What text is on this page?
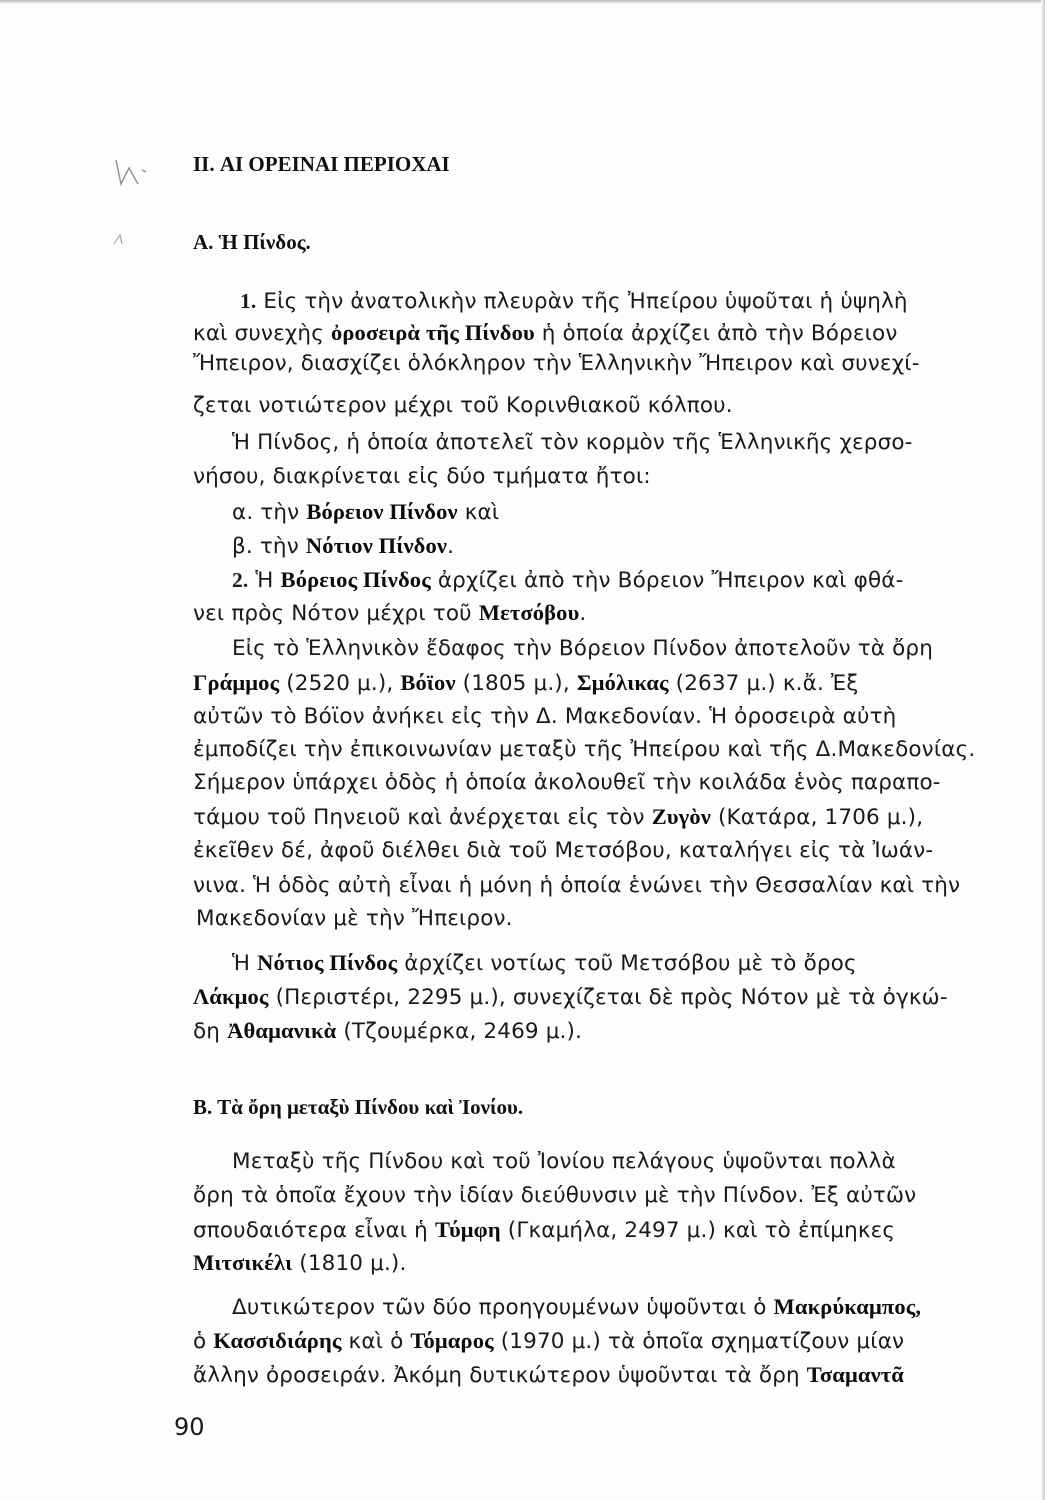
II. ΑΙ ΟΡΕΙΝΑΙ ΠΕΡΙΟΧΑΙ
Α. Ἡ Πίνδος.
1. Εἰς τὴν ἀνατολικὴν πλευρὰν τῆς Ἠπείρου ὑψοῦται ἡ ὑψηλὴ
καὶ συνεχὴς ὀροσειρὰ τῆς Πίνδου ἡ ὁποία ἀρχίζει ἀπὸ τὴν Βόρειον
Ἤπειρον, διασχίζει ὁλόκληρον τὴν Ἑλληνικὴν Ἤπειρον καὶ συνεχί-
ζεται νοτιώτερον μέχρι τοῦ Κορινθιακοῦ κόλπου.
Ἡ Πίνδος, ἡ ὁποία ἀποτελεῖ τὸν κορμὸν τῆς Ἑλληνικῆς χερσο-
νήσου, διακρίνεται εἰς δύο τμήματα ἤτοι:
α. τὴν Βόρειον Πίνδον καὶ
β. τὴν Νότιον Πίνδον.
2. Ἡ Βόρειος Πίνδος ἀρχίζει ἀπὸ τὴν Βόρειον Ἤπειρον καὶ φθά-
νει πρὸς Νότον μέχρι τοῦ Μετσόβου.
Εἰς τὸ Ἑλληνικὸν ἔδαφος τὴν Βόρειον Πίνδον ἀποτελοῦν τὰ ὄρη
Γράμμος (2520 μ.), Βόϊον (1805 μ.), Σμόλικας (2637 μ.) κ.ἄ. Ἐξ
αὐτῶν τὸ Βόϊον ἀνήκει εἰς τὴν Δ. Μακεδονίαν. Ἡ ὀροσειρὰ αὐτὴ
ἐμποδίζει τὴν ἐπικοινωνίαν μεταξὺ τῆς Ἠπείρου καὶ τῆς Δ.Μακεδονίας.
Σήμερον ὑπάρχει ὁδὸς ἡ ὁποία ἀκολουθεῖ τὴν κοιλάδα ἑνὸς παραπο-
τάμου τοῦ Πηνειοῦ καὶ ἀνέρχεται εἰς τὸν Ζυγὸν (Κατάρα, 1706 μ.),
ἐκεῖθεν δέ, ἀφοῦ διέλθει διὰ τοῦ Μετσόβου, καταλήγει εἰς τὰ Ἰωάν-
νινα. Ἡ ὁδὸς αὐτὴ εἶναι ἡ μόνη ἡ ὁποία ἑνώνει τὴν Θεσσαλίαν καὶ τὴν
Μακεδονίαν μὲ τὴν Ἤπειρον.
Ἡ Νότιος Πίνδος ἀρχίζει νοτίως τοῦ Μετσόβου μὲ τὸ ὄρος
Λάκμος (Περιστέρι, 2295 μ.), συνεχίζεται δὲ πρὸς Νότον μὲ τὰ ὀγκώ-
δη Ἀθαμανικὰ (Τζουμέρκα, 2469 μ.).
Β. Τὰ ὄρη μεταξὺ Πίνδου καὶ Ἰονίου.
Μεταξὺ τῆς Πίνδου καὶ τοῦ Ἰονίου πελάγους ὑψοῦνται πολλὰ
ὄρη τὰ ὁποῖα ἔχουν τὴν ἰδίαν διεύθυνσιν μὲ τὴν Πίνδον. Ἐξ αὐτῶν
σπουδαιότερα εἶναι ἡ Τύμφη (Γκαμήλα, 2497 μ.) καὶ τὸ ἐπίμηκες
Μιτσικέλι (1810 μ.).
Δυτικώτερον τῶν δύο προηγουμένων ὑψοῦνται ὁ Μακρύκαμπος,
ὁ Κασσιδιάρης καὶ ὁ Τόμαρος (1970 μ.) τὰ ὁποῖα σχηματίζουν μίαν
ἄλλην ὀροσειράν. Ἀκόμη δυτικώτερον ὑψοῦνται τὰ ὄρη Τσαμαντᾶ
90
